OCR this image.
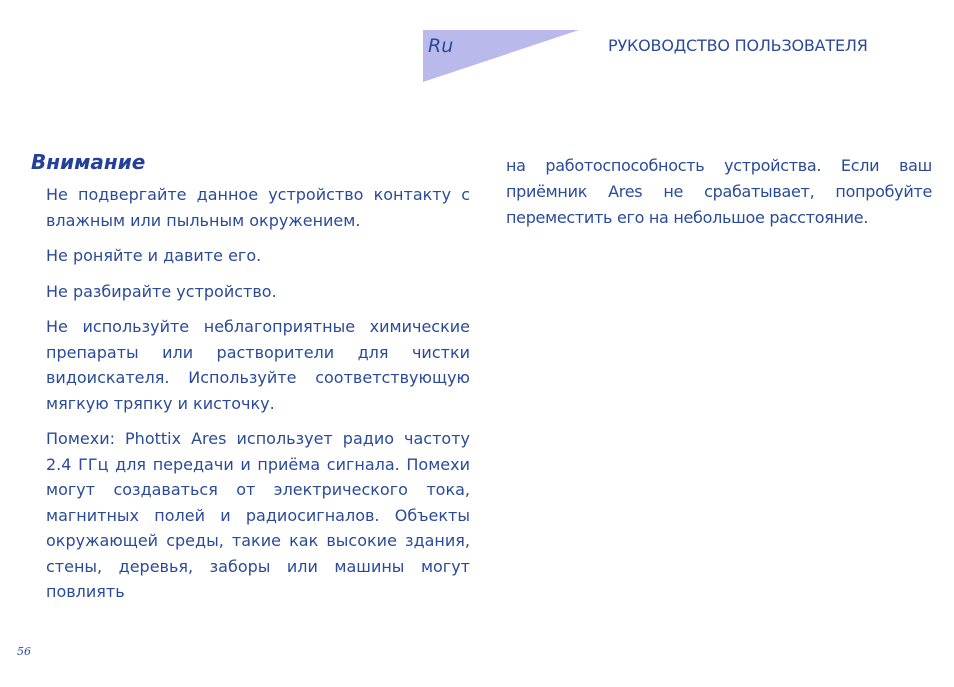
Ru	РУКОВОДСТВО ПОЛЬЗОВАТЕЛЯ
Внимание

Не подвергайте данное устройство контакту с влажным или пыльным окружением.

Не роняйте и давите его.

Не разбирайте устройство.

Не используйте неблагоприятные химические препараты или растворители для чистки видоискателя. Используйте соответствующую мягкую тряпку и кисточку.

Помехи: Phottix Ares использует радио частоту 2.4 ГГц для передачи и приёма сигнала. Помехи могут создаваться от электрического тока, магнитных полей и радиосигналов. Объекты окружающей среды, такие как высокие здания, стены, деревья, заборы или машины могут повлиять

на работоспособность устройства. Если ваш приёмник Ares не срабатывает, попробуйте переместить его на небольшое расстояние.

56
